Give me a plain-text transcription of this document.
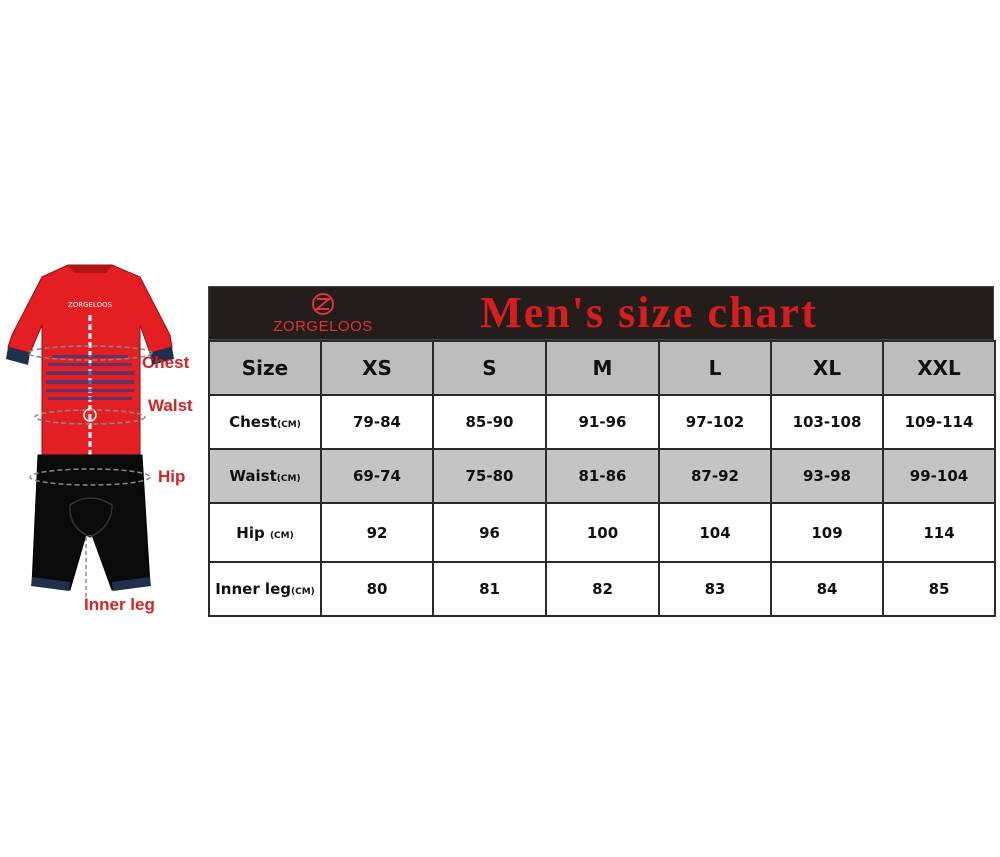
ZORGELOOS
Chest
Walst
Hip
Inner leg
ZORGELOOS	Men's size chart
Size	XS	S	M	L	XL	XXL
Chest(CM)	79-84	85-90	91-96	97-102	103-108	109-114
Waist(CM)	69-74	75-80	81-86	87-92	93-98	99-104
Hip (CM)	92	96	100	104	109	114
Inner leg(CM)	80	81	82	83	84	85
